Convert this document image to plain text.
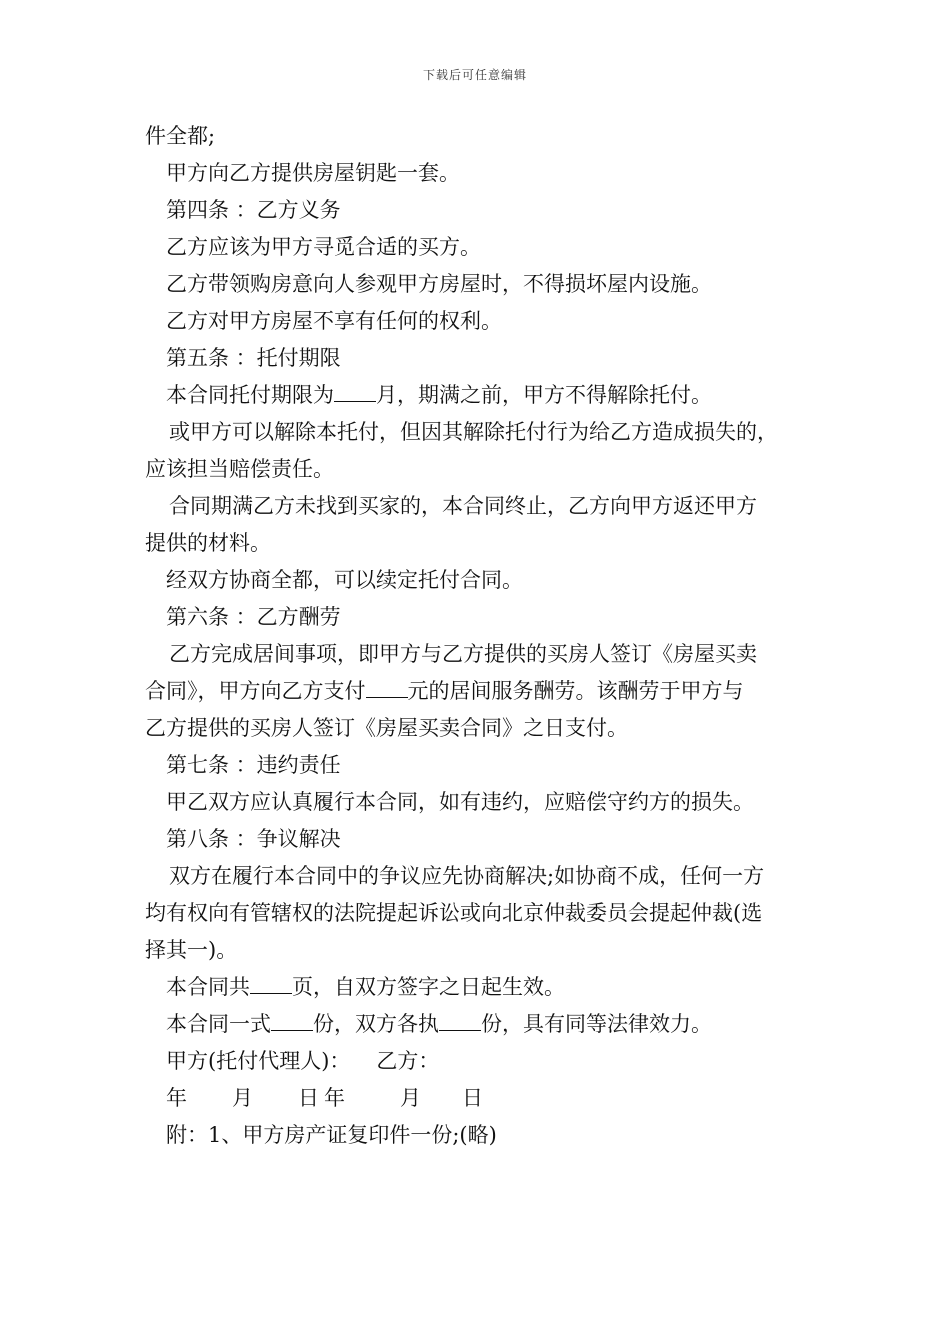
下载后可任意编辑
件全都;
甲方向乙方提供房屋钥匙一套。
第四条 ：乙方义务
乙方应该为甲方寻觅合适的买方。
乙方带领购房意向人参观甲方房屋时，不得损坏屋内设施。
乙方对甲方房屋不享有任何的权利。
第五条 ：托付期限
本合同托付期限为 月，期满之前，甲方不得解除托付。
或甲方可以解除本托付，但因其解除托付行为给乙方造成损失的，
应该担当赔偿责任。
合同期满乙方未找到买家的，本合同终止，乙方向甲方返还甲方
提供的材料。
经双方协商全都，可以续定托付合同。
第六条 ：乙方酬劳
乙方完成居间事项，即甲方与乙方提供的买房人签订《房屋买卖
合同》，甲方向乙方支付 元的居间服务酬劳。该酬劳于甲方与
乙方提供的买房人签订《房屋买卖合同》之日支付。
第七条 ：违约责任
甲乙双方应认真履行本合同，如有违约，应赔偿守约方的损失。
第八条 ：争议解决
双方在履行本合同中的争议应先协商解决;如协商不成，任何一方
均有权向有管辖权的法院提起诉讼或向北京仲裁委员会提起仲裁(选
择其一)。
本合同共 页，自双方签字之日起生效。
本合同一式 份，双方各执 份，具有同等法律效力。
甲方(托付代理人)： 乙方：
年 月 日 年	月 日
附：1、甲方房产证复印件一份;(略)
